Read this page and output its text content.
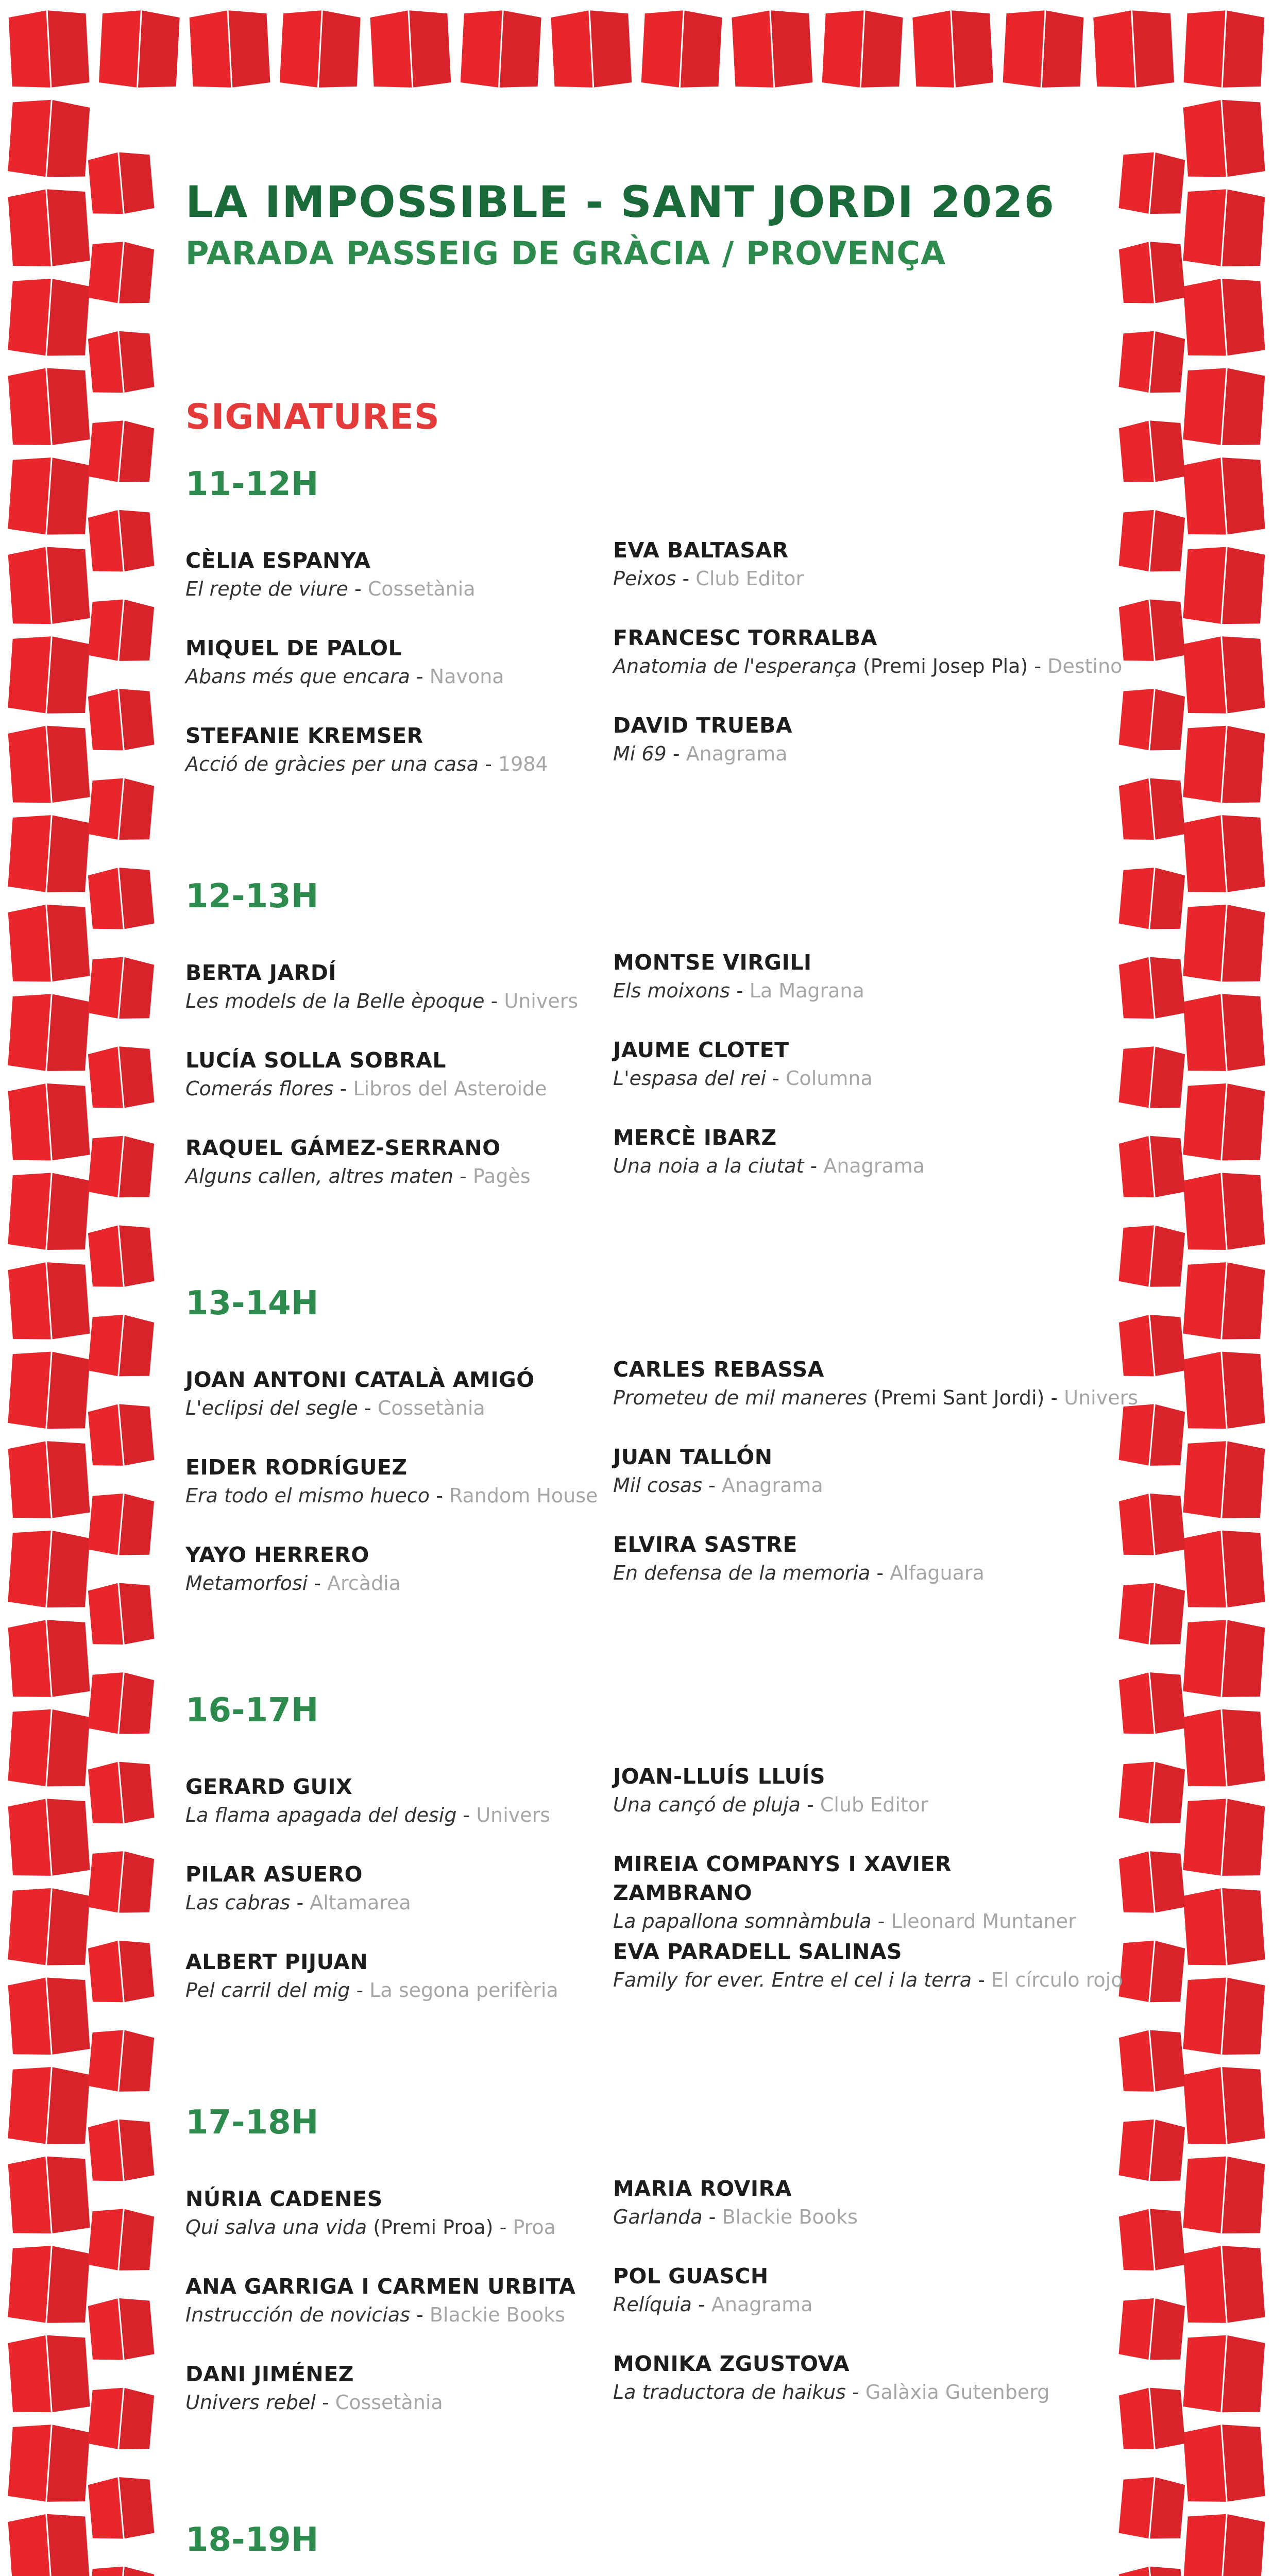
LA IMPOSSIBLE - SANT JORDI 2026
PARADA PASSEIG DE GRÀCIA / PROVENÇA
SIGNATURES
11-12H
CÈLIA ESPANYA
El repte de viure - Cossetània
MIQUEL DE PALOL
Abans més que encara - Navona
STEFANIE KREMSER
Acció de gràcies per una casa - 1984
EVA BALTASAR
Peixos - Club Editor
FRANCESC TORRALBA
Anatomia de l'esperança (Premi Josep Pla) - Destino
DAVID TRUEBA
Mi 69 - Anagrama
12-13H
BERTA JARDÍ
Les models de la Belle èpoque - Univers
LUCÍA SOLLA SOBRAL
Comerás flores - Libros del Asteroide
RAQUEL GÁMEZ-SERRANO
Alguns callen, altres maten - Pagès
MONTSE VIRGILI
Els moixons - La Magrana
JAUME CLOTET
L'espasa del rei - Columna
MERCÈ IBARZ
Una noia a la ciutat - Anagrama
13-14H
JOAN ANTONI CATALÀ AMIGÓ
L'eclipsi del segle - Cossetània
EIDER RODRÍGUEZ
Era todo el mismo hueco - Random House
YAYO HERRERO
Metamorfosi - Arcàdia
CARLES REBASSA
Prometeu de mil maneres (Premi Sant Jordi) - Univers
JUAN TALLÓN
Mil cosas - Anagrama
ELVIRA SASTRE
En defensa de la memoria - Alfaguara
16-17H
GERARD GUIX
La flama apagada del desig - Univers
PILAR ASUERO
Las cabras - Altamarea
ALBERT PIJUAN
Pel carril del mig - La segona perifèria
JOAN-LLUÍS LLUÍS
Una cançó de pluja - Club Editor
MIREIA COMPANYS I XAVIER ZAMBRANO
La papallona somnàmbula - Lleonard Muntaner
EVA PARADELL SALINAS
Family for ever. Entre el cel i la terra - El círculo rojo
17-18H
NÚRIA CADENES
Qui salva una vida (Premi Proa) - Proa
ANA GARRIGA I CARMEN URBITA
Instrucción de novicias - Blackie Books
DANI JIMÉNEZ
Univers rebel - Cossetània
MARIA ROVIRA
Garlanda - Blackie Books
POL GUASCH
Relíquia - Anagrama
MONIKA ZGUSTOVA
La traductora de haikus - Galàxia Gutenberg
18-19H
